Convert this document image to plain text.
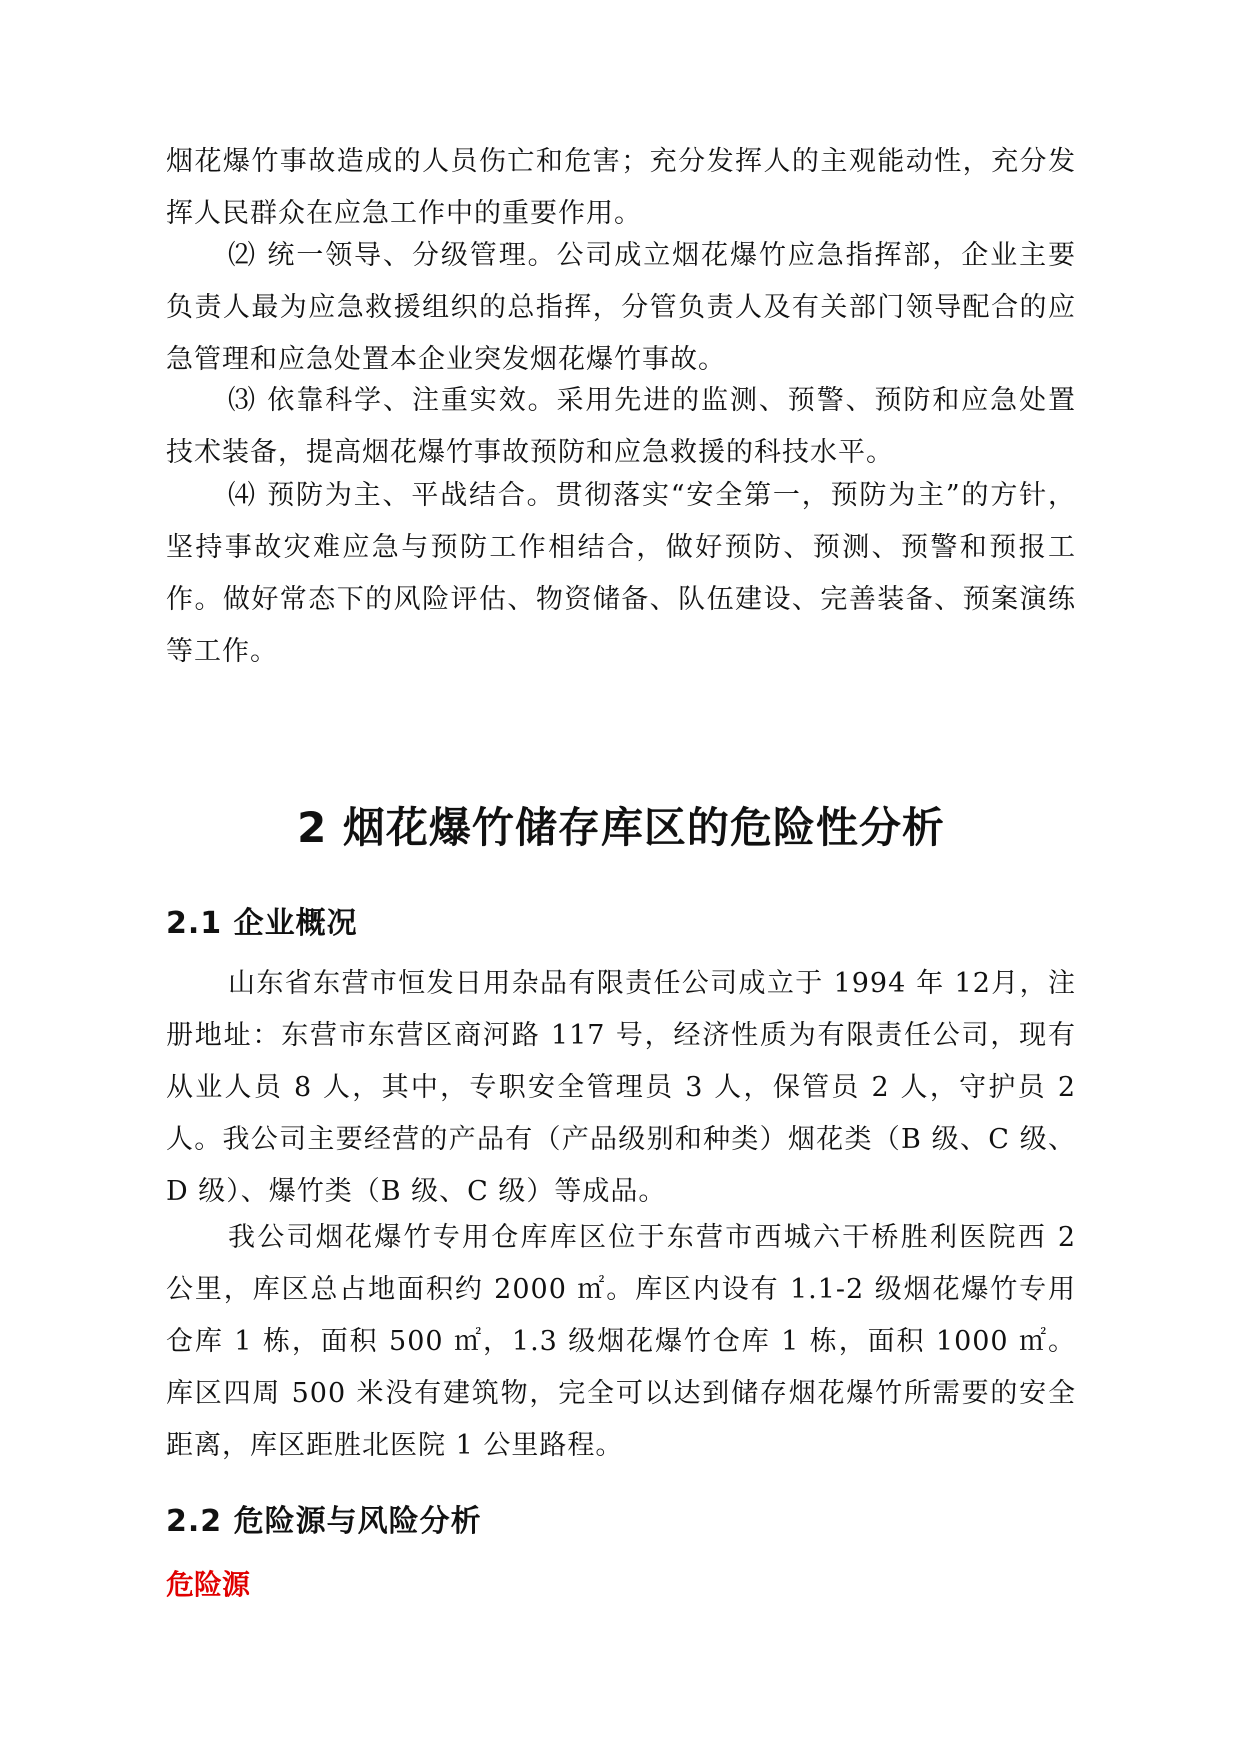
烟花爆竹事故造成的人员伤亡和危害；充分发挥人的主观能动性，充分发挥人民群众在应急工作中的重要作用。

⑵ 统一领导、分级管理。公司成立烟花爆竹应急指挥部，企业主要负责人最为应急救援组织的总指挥，分管负责人及有关部门领导配合的应急管理和应急处置本企业突发烟花爆竹事故。

⑶ 依靠科学、注重实效。采用先进的监测、预警、预防和应急处置技术装备，提高烟花爆竹事故预防和应急救援的科技水平。

⑷ 预防为主、平战结合。贯彻落实“安全第一，预防为主”的方针，坚持事故灾难应急与预防工作相结合，做好预防、预测、预警和预报工作。做好常态下的风险评估、物资储备、队伍建设、完善装备、预案演练等工作。

2 烟花爆竹储存库区的危险性分析
2.1 企业概况

山东省东营市恒发日用杂品有限责任公司成立于 1994 年 12月，注册地址：东营市东营区商河路 117 号，经济性质为有限责任公司，现有从业人员 8 人，其中，专职安全管理员 3 人，保管员 2 人，守护员 2 人。我公司主要经营的产品有（产品级别和种类）烟花类（B 级、C 级、D 级）、爆竹类（B 级、C 级）等成品。

我公司烟花爆竹专用仓库库区位于东营市西城六干桥胜利医院西 2 公里，库区总占地面积约 2000 ㎡。库区内设有 1.1-2 级烟花爆竹专用仓库 1 栋，面积 500 ㎡，1.3 级烟花爆竹仓库 1 栋，面积 1000 ㎡。库区四周 500 米没有建筑物，完全可以达到储存烟花爆竹所需要的安全距离，库区距胜北医院 1 公里路程。

2.2 危险源与风险分析
危险源
